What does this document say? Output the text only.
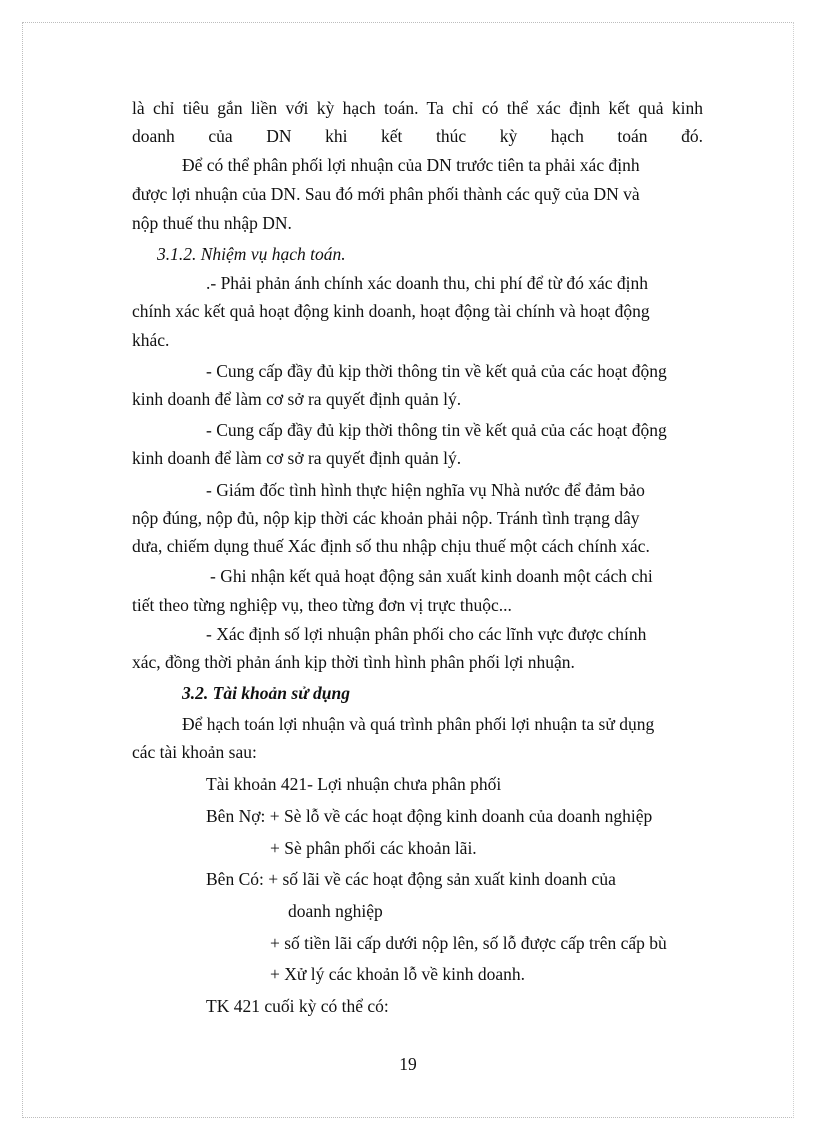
là chỉ tiêu gắn liền với kỳ hạch toán. Ta chỉ có thể xác định kết quả kinh

doanh của DN khi kết thúc kỳ hạch toán đó.

Để có thể phân phối lợi nhuận của DN trước tiên ta phải xác định

được lợi nhuận của DN. Sau đó mới phân phối thành các quỹ của DN và

nộp thuế thu nhập DN.

3.1.2. Nhiệm vụ hạch toán.

.- Phải phản ánh chính xác doanh thu, chi phí để từ đó xác định

chính xác kết quả hoạt động kinh doanh, hoạt động tài chính và hoạt động

khác.

- Cung cấp đầy đủ kịp thời thông tin về kết quả của các hoạt động

kinh doanh để làm cơ sở ra quyết định quản lý.

- Cung cấp đầy đủ kịp thời thông tin về kết quả của các hoạt động

kinh doanh để làm cơ sở ra quyết định quản lý.

- Giám đốc tình hình thực hiện nghĩa vụ Nhà nước để đảm bảo

nộp đúng, nộp đủ, nộp kịp thời các khoản phải nộp. Tránh tình trạng dây

dưa, chiếm dụng thuế Xác định số thu nhập chịu thuế một cách chính xác.

- Ghi nhận kết quả hoạt động sản xuất kinh doanh một cách chi

tiết theo từng nghiệp vụ, theo từng đơn vị trực thuộc...

- Xác định số lợi nhuận phân phối cho các lĩnh vực được chính

xác, đồng thời phản ánh kịp thời tình hình phân phối lợi nhuận.

3.2. Tài khoản sử dụng

Để hạch toán lợi nhuận và quá trình phân phối lợi nhuận ta sử dụng

các tài khoản sau:

Tài khoản 421- Lợi nhuận chưa phân phối

Bên Nợ: + Sè lỗ về các hoạt động kinh doanh của doanh nghiệp

+ Sè phân phối các khoản lãi.

Bên Có: + số lãi về các hoạt động sản xuất kinh doanh của

doanh nghiệp

+ số tiền lãi cấp dưới nộp lên, số lỗ được cấp trên cấp bù

+ Xử lý các khoản lỗ về kinh doanh.

TK 421 cuối kỳ có thể có:

19
